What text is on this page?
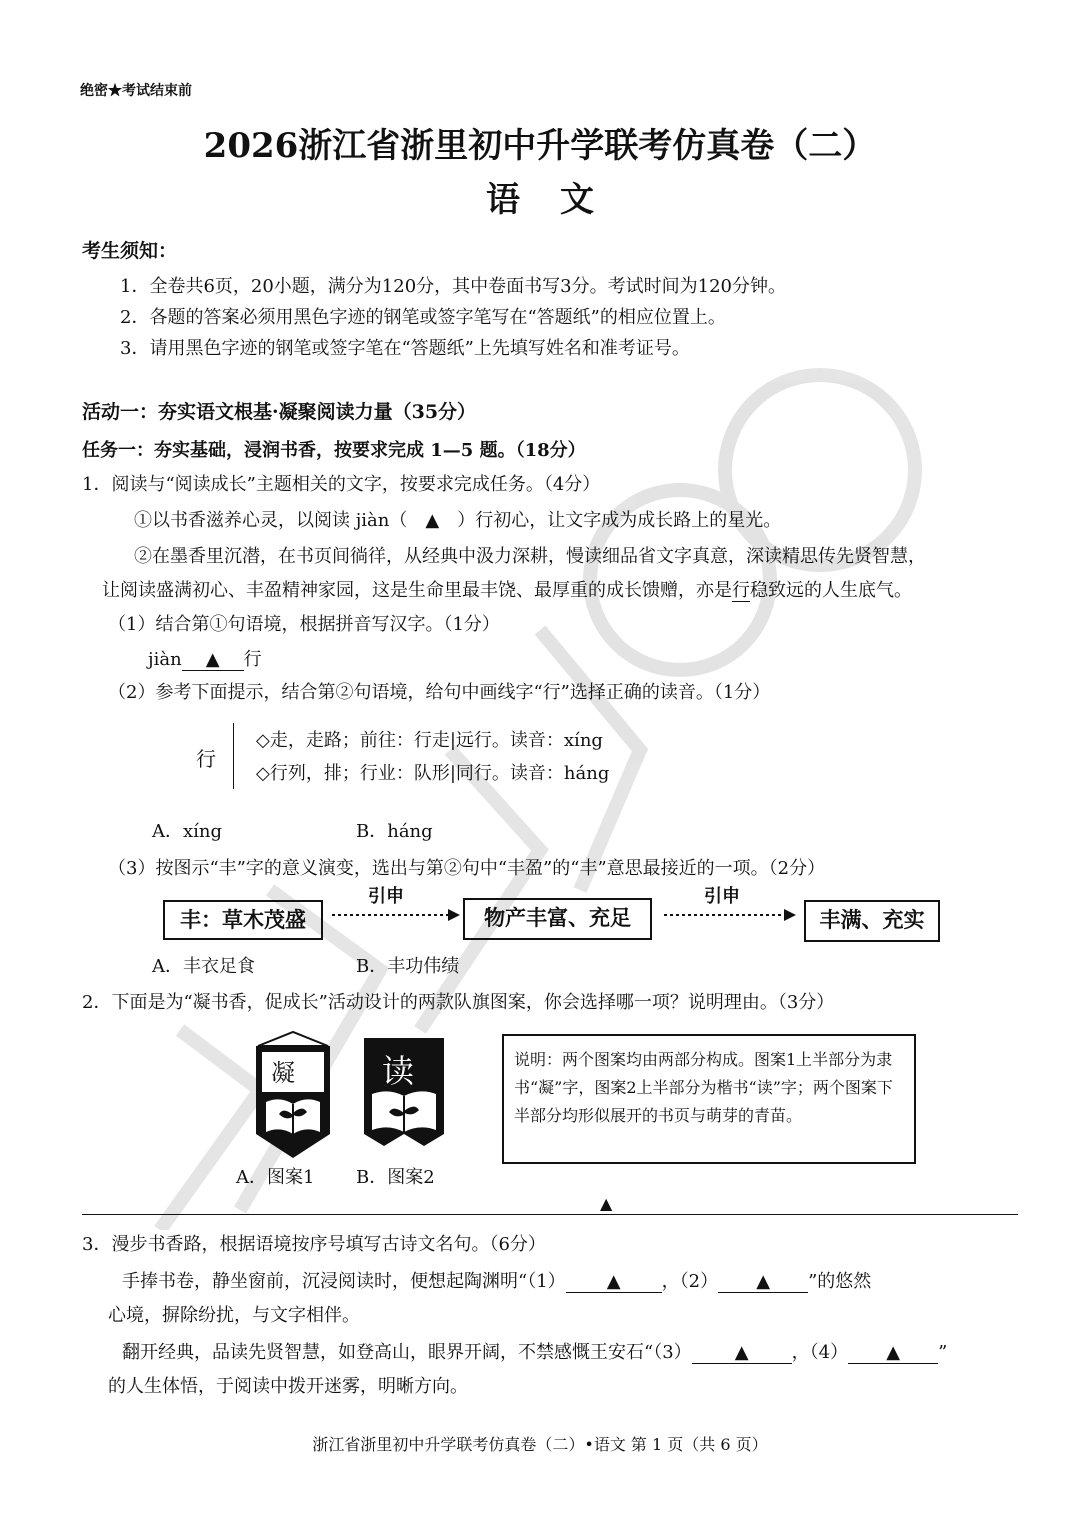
绝密★考试结束前
2026浙江省浙里初中升学联考仿真卷（二）
语文
考生须知：
1．全卷共6页，20小题，满分为120分，其中卷面书写3分。考试时间为120分钟。
2．各题的答案必须用黑色字迹的钢笔或签字笔写在“答题纸”的相应位置上。
3．请用黑色字迹的钢笔或签字笔在“答题纸”上先填写姓名和准考证号。
活动一：夯实语文根基·凝聚阅读力量（35分）
任务一：夯实基础，浸润书香，按要求完成 1—5 题。（18分）
1．阅读与“阅读成长”主题相关的文字，按要求完成任务。（4分）
①以书香滋养心灵，以阅读 jiàn（　▲　）行初心，让文字成为成长路上的星光。
②在墨香里沉潜，在书页间徜徉，从经典中汲力深耕，慢读细品省文字真意，深读精思传先贤智慧，
让阅读盛满初心、丰盈精神家园，这是生命里最丰饶、最厚重的成长馈赠，亦是行稳致远的人生底气。
（1）结合第①句语境，根据拼音写汉字。（1分）
jiàn ▲ 行
（2）参考下面提示，结合第②句语境，给句中画线字“行”选择正确的读音。（1分）
行
◇走，走路；前往：行走|远行。读音：xíng
◇行列，排；行业：队形|同行。读音：háng
A．xíng	B．háng
（3）按图示“丰”字的意义演变，选出与第②句中“丰盈”的“丰”意思最接近的一项。（2分）
丰：草木茂盛
引申
物产丰富、充足
引申
丰满、充实
A．丰衣足食	B．丰功伟绩
2．下面是为“凝书香，促成长”活动设计的两款队旗图案，你会选择哪一项？说明理由。（3分）
凝	读
A．图案1 B．图案2
说明：两个图案均由两部分构成。图案1上半部分为隶书“凝”字，图案2上半部分为楷书“读”字；两个图案下半部分均形似展开的书页与萌芽的青苗。
▲
3．漫步书香路，根据语境按序号填写古诗文名句。（6分）
手捧书卷，静坐窗前，沉浸阅读时，便想起陶渊明“（1） ▲ ，（2） ▲ ”的悠然
心境，摒除纷扰，与文字相伴。
翻开经典，品读先贤智慧，如登高山，眼界开阔，不禁感慨王安石“（3） ▲ ，（4） ▲ ”
的人生体悟，于阅读中拨开迷雾，明晰方向。
浙江省浙里初中升学联考仿真卷（二）•语文 第 1 页（共 6 页）
